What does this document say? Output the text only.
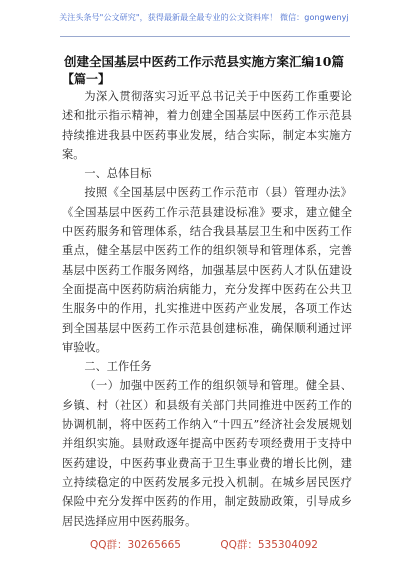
关注头条号"公文研究"，获得最新最全最专业的公文资料库！ 微信：gongwenyj
创建全国基层中医药工作示范县实施方案汇编10篇
【篇一】

为深入贯彻落实习近平总书记关于中医药工作重要论述和批示指示精神，着力创建全国基层中医药工作示范县持续推进我县中医药事业发展，结合实际，制定本实施方案。

一、总体目标

按照《全国基层中医药工作示范市（县）管理办法》《全国基层中医药工作示范县建设标准》要求，建立健全中医药服务和管理体系，结合我县基层卫生和中医药工作重点，健全基层中医药工作的组织领导和管理体系，完善基层中医药工作服务网络，加强基层中医药人才队伍建设全面提高中医药防病治病能力，充分发挥中医药在公共卫生服务中的作用，扎实推进中医药产业发展，各项工作达到全国基层中医药工作示范县创建标准，确保顺利通过评审验收。

二、工作任务

（一）加强中医药工作的组织领导和管理。健全县、乡镇、村（社区）和县级有关部门共同推进中医药工作的协调机制，将中医药工作纳入“十四五”经济社会发展规划并组织实施。县财政逐年提高中医药专项经费用于支持中医药建设，中医药事业费高于卫生事业费的增长比例，建立持续稳定的中医药发展多元投入机制。在城乡居民医疗保险中充分发挥中医药的作用，制定鼓励政策，引导成乡居民选择应用中医药服务。

QQ群：30265665	QQ群：535304092
